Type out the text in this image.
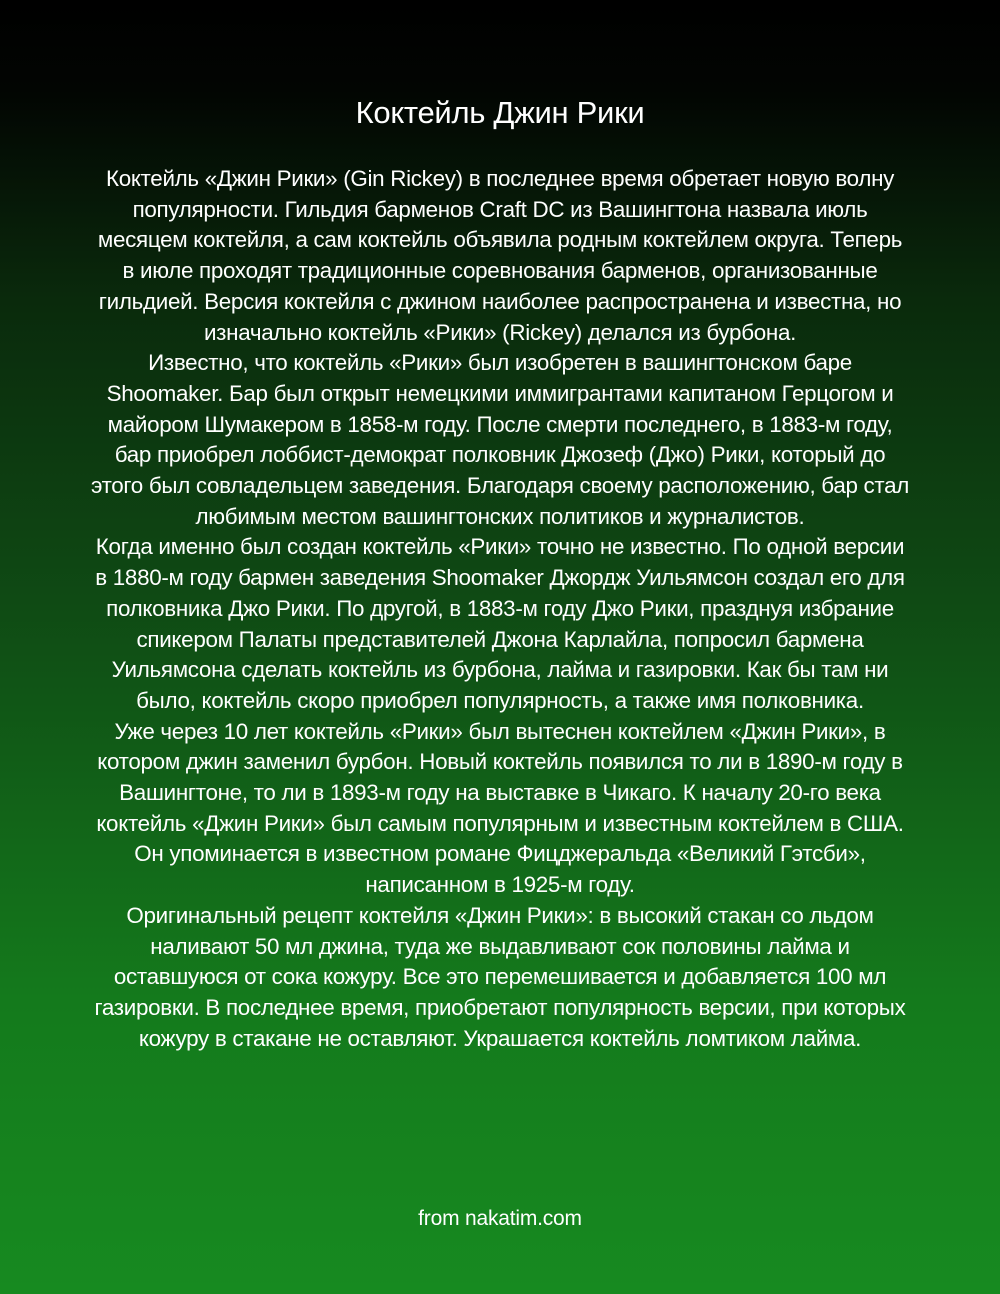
Коктейль Джин Рики

Коктейль «Джин Рики» (Gin Rickey) в последнее время обретает новую волну популярности. Гильдия барменов Craft DC из Вашингтона назвала июль месяцем коктейля, а сам коктейль объявила родным коктейлем округа. Теперь в июле проходят традиционные соревнования барменов, организованные гильдией. Версия коктейля с джином наиболее распространена и известна, но изначально коктейль «Рики» (Rickey) делался из бурбона.

Известно, что коктейль «Рики» был изобретен в вашингтонском баре Shoomaker. Бар был открыт немецкими иммигрантами капитаном Герцогом и майором Шумакером в 1858-м году. После смерти последнего, в 1883-м году, бар приобрел лоббист-демократ полковник Джозеф (Джо) Рики, который до этого был совладельцем заведения. Благодаря своему расположению, бар стал любимым местом вашингтонских политиков и журналистов.

Когда именно был создан коктейль «Рики» точно не известно. По одной версии в 1880-м году бармен заведения Shoomaker Джордж Уильямсон создал его для полковника Джо Рики. По другой, в 1883-м году Джо Рики, празднуя избрание спикером Палаты представителей Джона Карлайла, попросил бармена Уильямсона сделать коктейль из бурбона, лайма и газировки. Как бы там ни было, коктейль скоро приобрел популярность, а также имя полковника.

Уже через 10 лет коктейль «Рики» был вытеснен коктейлем «Джин Рики», в котором джин заменил бурбон. Новый коктейль появился то ли в 1890-м году в Вашингтоне, то ли в 1893-м году на выставке в Чикаго. К началу 20-го века коктейль «Джин Рики» был самым популярным и известным коктейлем в США. Он упоминается в известном романе Фицджеральда «Великий Гэтсби», написанном в 1925-м году.

Оригинальный рецепт коктейля «Джин Рики»: в высокий стакан со льдом наливают 50 мл джина, туда же выдавливают сок половины лайма и оставшуюся от сока кожуру. Все это перемешивается и добавляется 100 мл газировки. В последнее время, приобретают популярность версии, при которых кожуру в стакане не оставляют. Украшается коктейль ломтиком лайма.

from nakatim.com
